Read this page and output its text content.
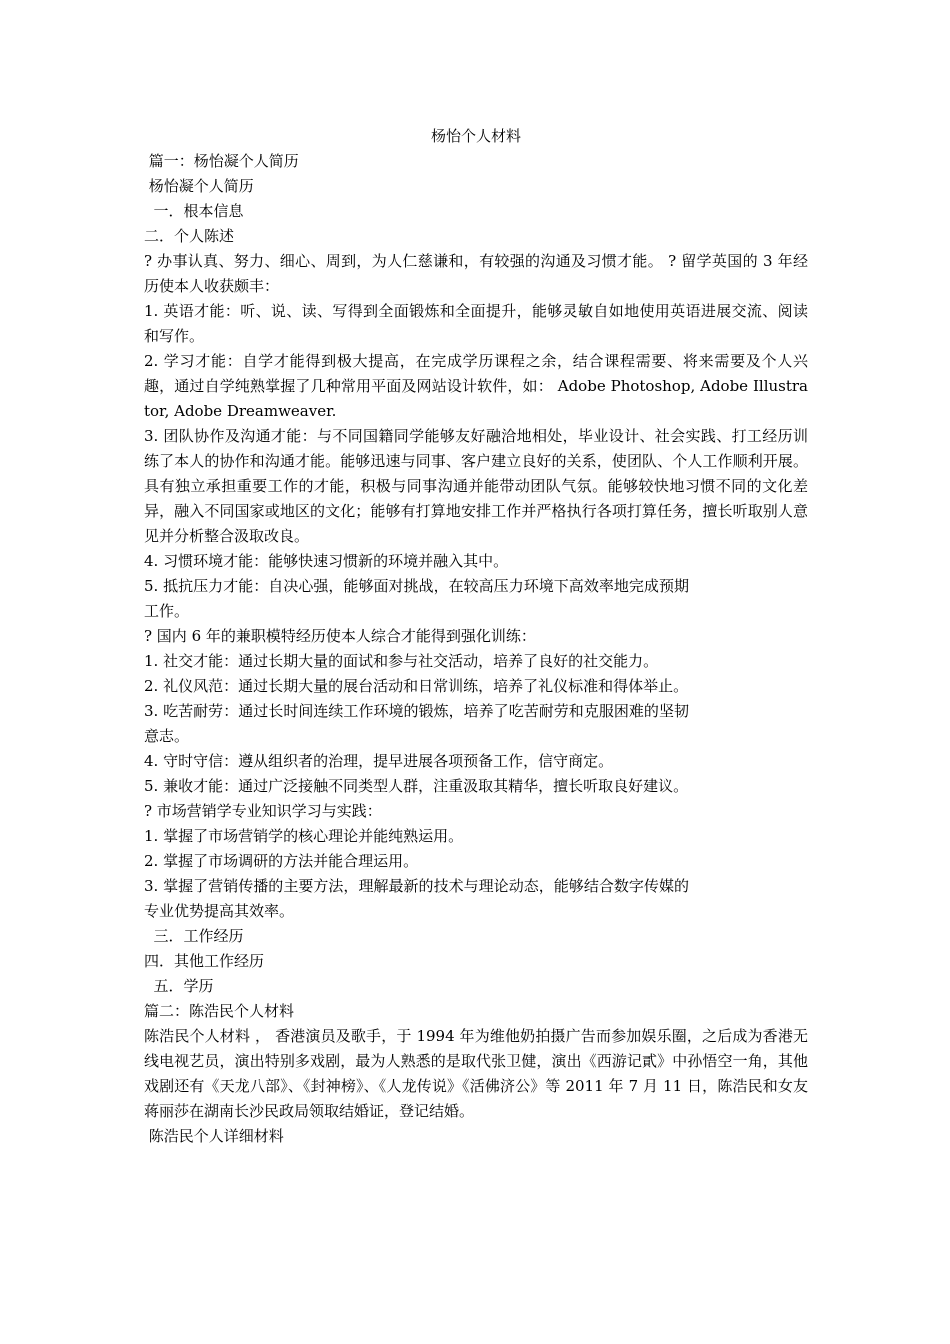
杨怡个人材料

篇一：杨怡凝个人简历

杨怡凝个人简历

一．根本信息

二．个人陈述

? 办事认真、努力、细心、周到，为人仁慈谦和，有较强的沟通及习惯才能。 ? 留学英国的 3 年经历使本人收获颇丰：

1. 英语才能：听、说、读、写得到全面锻炼和全面提升，能够灵敏自如地使用英语进展交流、阅读和写作。

2. 学习才能：自学才能得到极大提高，在完成学历课程之余，结合课程需要、将来需要及个人兴趣，通过自学纯熟掌握了几种常用平面及网站设计软件，如： Adobe Photoshop, Adobe Illustrator, Adobe Dreamweaver.

3. 团队协作及沟通才能：与不同国籍同学能够友好融洽地相处，毕业设计、社会实践、打工经历训练了本人的协作和沟通才能。能够迅速与同事、客户建立良好的关系，使团队、个人工作顺利开展。具有独立承担重要工作的才能，积极与同事沟通并能带动团队气氛。能够较快地习惯不同的文化差异，融入不同国家或地区的文化；能够有打算地安排工作并严格执行各项打算任务，擅长听取别人意见并分析整合汲取改良。

4. 习惯环境才能：能够快速习惯新的环境并融入其中。

5. 抵抗压力才能：自决心强，能够面对挑战，在较高压力环境下高效率地完成预期工作。

? 国内 6 年的兼职模特经历使本人综合才能得到强化训练：

1. 社交才能：通过长期大量的面试和参与社交活动，培养了良好的社交能力。

2. 礼仪风范：通过长期大量的展台活动和日常训练，培养了礼仪标准和得体举止。

3. 吃苦耐劳：通过长时间连续工作环境的锻炼，培养了吃苦耐劳和克服困难的坚韧意志。

4. 守时守信：遵从组织者的治理，提早进展各项预备工作，信守商定。

5. 兼收才能：通过广泛接触不同类型人群，注重汲取其精华，擅长听取良好建议。

? 市场营销学专业知识学习与实践：

1. 掌握了市场营销学的核心理论并能纯熟运用。

2. 掌握了市场调研的方法并能合理运用。

3. 掌握了营销传播的主要方法，理解最新的技术与理论动态，能够结合数字传媒的专业优势提高其效率。

三．工作经历

四．其他工作经历

五．学历

篇二：陈浩民个人材料

陈浩民个人材料 ， 香港演员及歌手，于 1994 年为维他奶拍摄广告而参加娱乐圈，之后成为香港无线电视艺员，演出特别多戏剧，最为人熟悉的是取代张卫健，演出《西游记貳》中孙悟空一角，其他戏剧还有《天龙八部》、《封神榜》、《人龙传说》《活佛济公》等 2011 年 7 月 11 日，陈浩民和女友蒋丽莎在湖南长沙民政局领取结婚证，登记结婚。

陈浩民个人详细材料
